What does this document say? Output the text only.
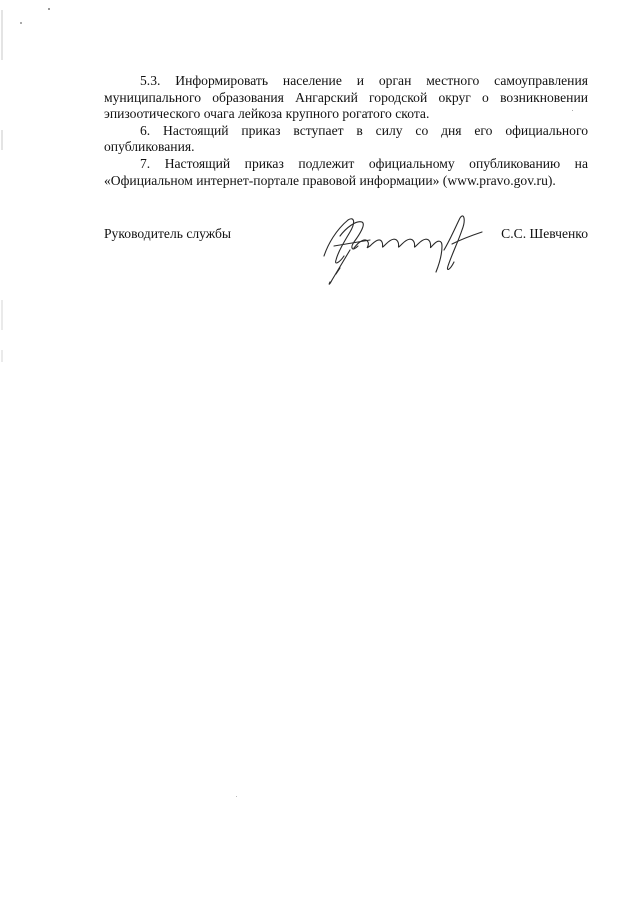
5.3. Информировать население и орган местного самоуправления муниципального образования Ангарский городской округ о возникновении эпизоотического очага лейкоза крупного рогатого скота.

6. Настоящий приказ вступает в силу со дня его официального опубликования.

7. Настоящий приказ подлежит официальному опубликованию на «Официальном интернет-портале правовой информации» (www.pravo.gov.ru).

Руководитель службы	С.С. Шевченко
